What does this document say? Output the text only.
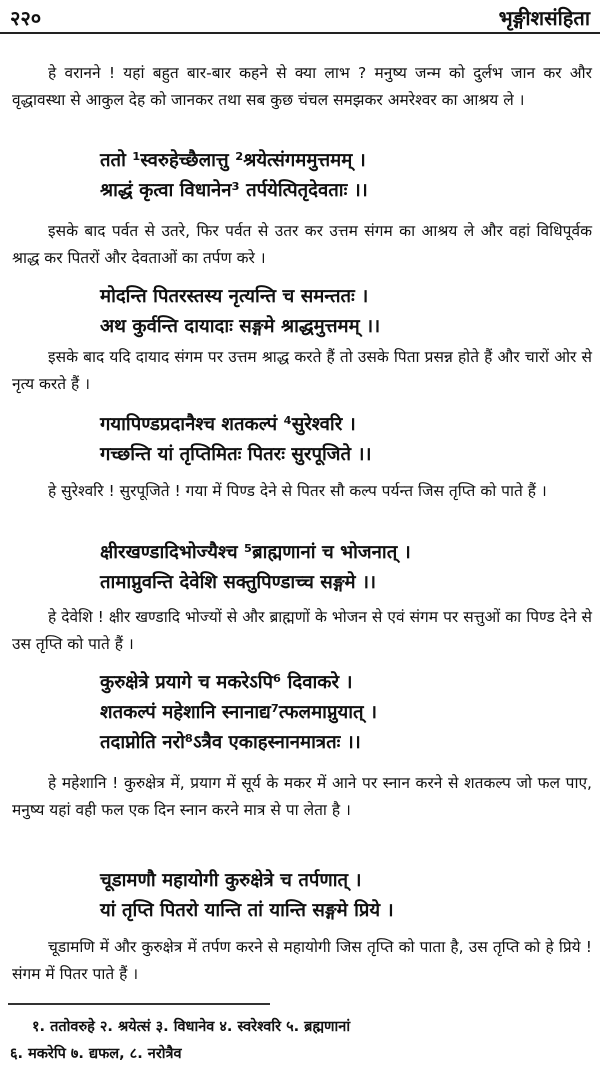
२२०	भृङ्गीशसंहिता
हे वरानने ! यहां बहुत बार-बार कहने से क्या लाभ ? मनुष्य जन्म को दुर्लभ जान कर और वृद्धावस्था से आकुल देह को जानकर तथा सब कुछ चंचल समझकर अमरेश्वर का आश्रय ले ।
ततो ¹स्वरुहेच्छैलात्तु ²श्रयेत्संगममुत्तमम् ।
श्राद्धं कृत्वा विधानेन³ तर्पयेत्पितृदेवताः ।।
इसके बाद पर्वत से उतरे, फिर पर्वत से उतर कर उत्तम संगम का आश्रय ले और वहां विधिपूर्वक श्राद्ध कर पितरों और देवताओं का तर्पण करे ।
मोदन्ति पितरस्तस्य नृत्यन्ति च समन्ततः ।
अथ कुर्वन्ति दायादाः सङ्गमे श्राद्धमुत्तमम् ।।
इसके बाद यदि दायाद संगम पर उत्तम श्राद्ध करते हैं तो उसके पिता प्रसन्न होते हैं और चारों ओर से नृत्य करते हैं ।
गयापिण्डप्रदानैश्च शतकल्पं ⁴सुरेश्वरि ।
गच्छन्ति यां तृप्तिमितः पितरः सुरपूजिते ।।
हे सुरेश्वरि ! सुरपूजिते ! गया में पिण्ड देने से पितर सौ कल्प पर्यन्त जिस तृप्ति को पाते हैं ।
क्षीरखण्डादिभोज्यैश्च ⁵ब्राह्मणानां च भोजनात् ।
तामाप्नुवन्ति देवेशि सक्तुपिण्डाच्च सङ्गमे ।।
हे देवेशि ! क्षीर खण्डादि भोज्यों से और ब्राह्मणों के भोजन से एवं संगम पर सत्तुओं का पिण्ड देने से उस तृप्ति को पाते हैं ।
कुरुक्षेत्रे प्रयागे च मकरेऽपि⁶ दिवाकरे ।
शतकल्पं महेशानि स्नानाद्य⁷त्फलमाप्नुयात् ।
तदाप्नोति नरो⁸ऽत्रैव एकाहस्नानमात्रतः ।।
हे महेशानि ! कुरुक्षेत्र में, प्रयाग में सूर्य के मकर में आने पर स्नान करने से शतकल्प जो फल पाए, मनुष्य यहां वही फल एक दिन स्नान करने मात्र से पा लेता है ।
चूडामणौ महायोगी कुरुक्षेत्रे च तर्पणात् ।
यां तृप्ति पितरो यान्ति तां यान्ति सङ्गमे प्रिये ।
चूडामणि में और कुरुक्षेत्र में तर्पण करने से महायोगी जिस तृप्ति को पाता है, उस तृप्ति को हे प्रिये ! संगम में पितर पाते हैं ।
१. ततोवरुहे २. श्रयेत्सं ३. विधानेव ४. स्वरेश्वरि ५. ब्रह्मणानां
६. मकरेपि ७. द्यफल, ८. नरोत्रैव
